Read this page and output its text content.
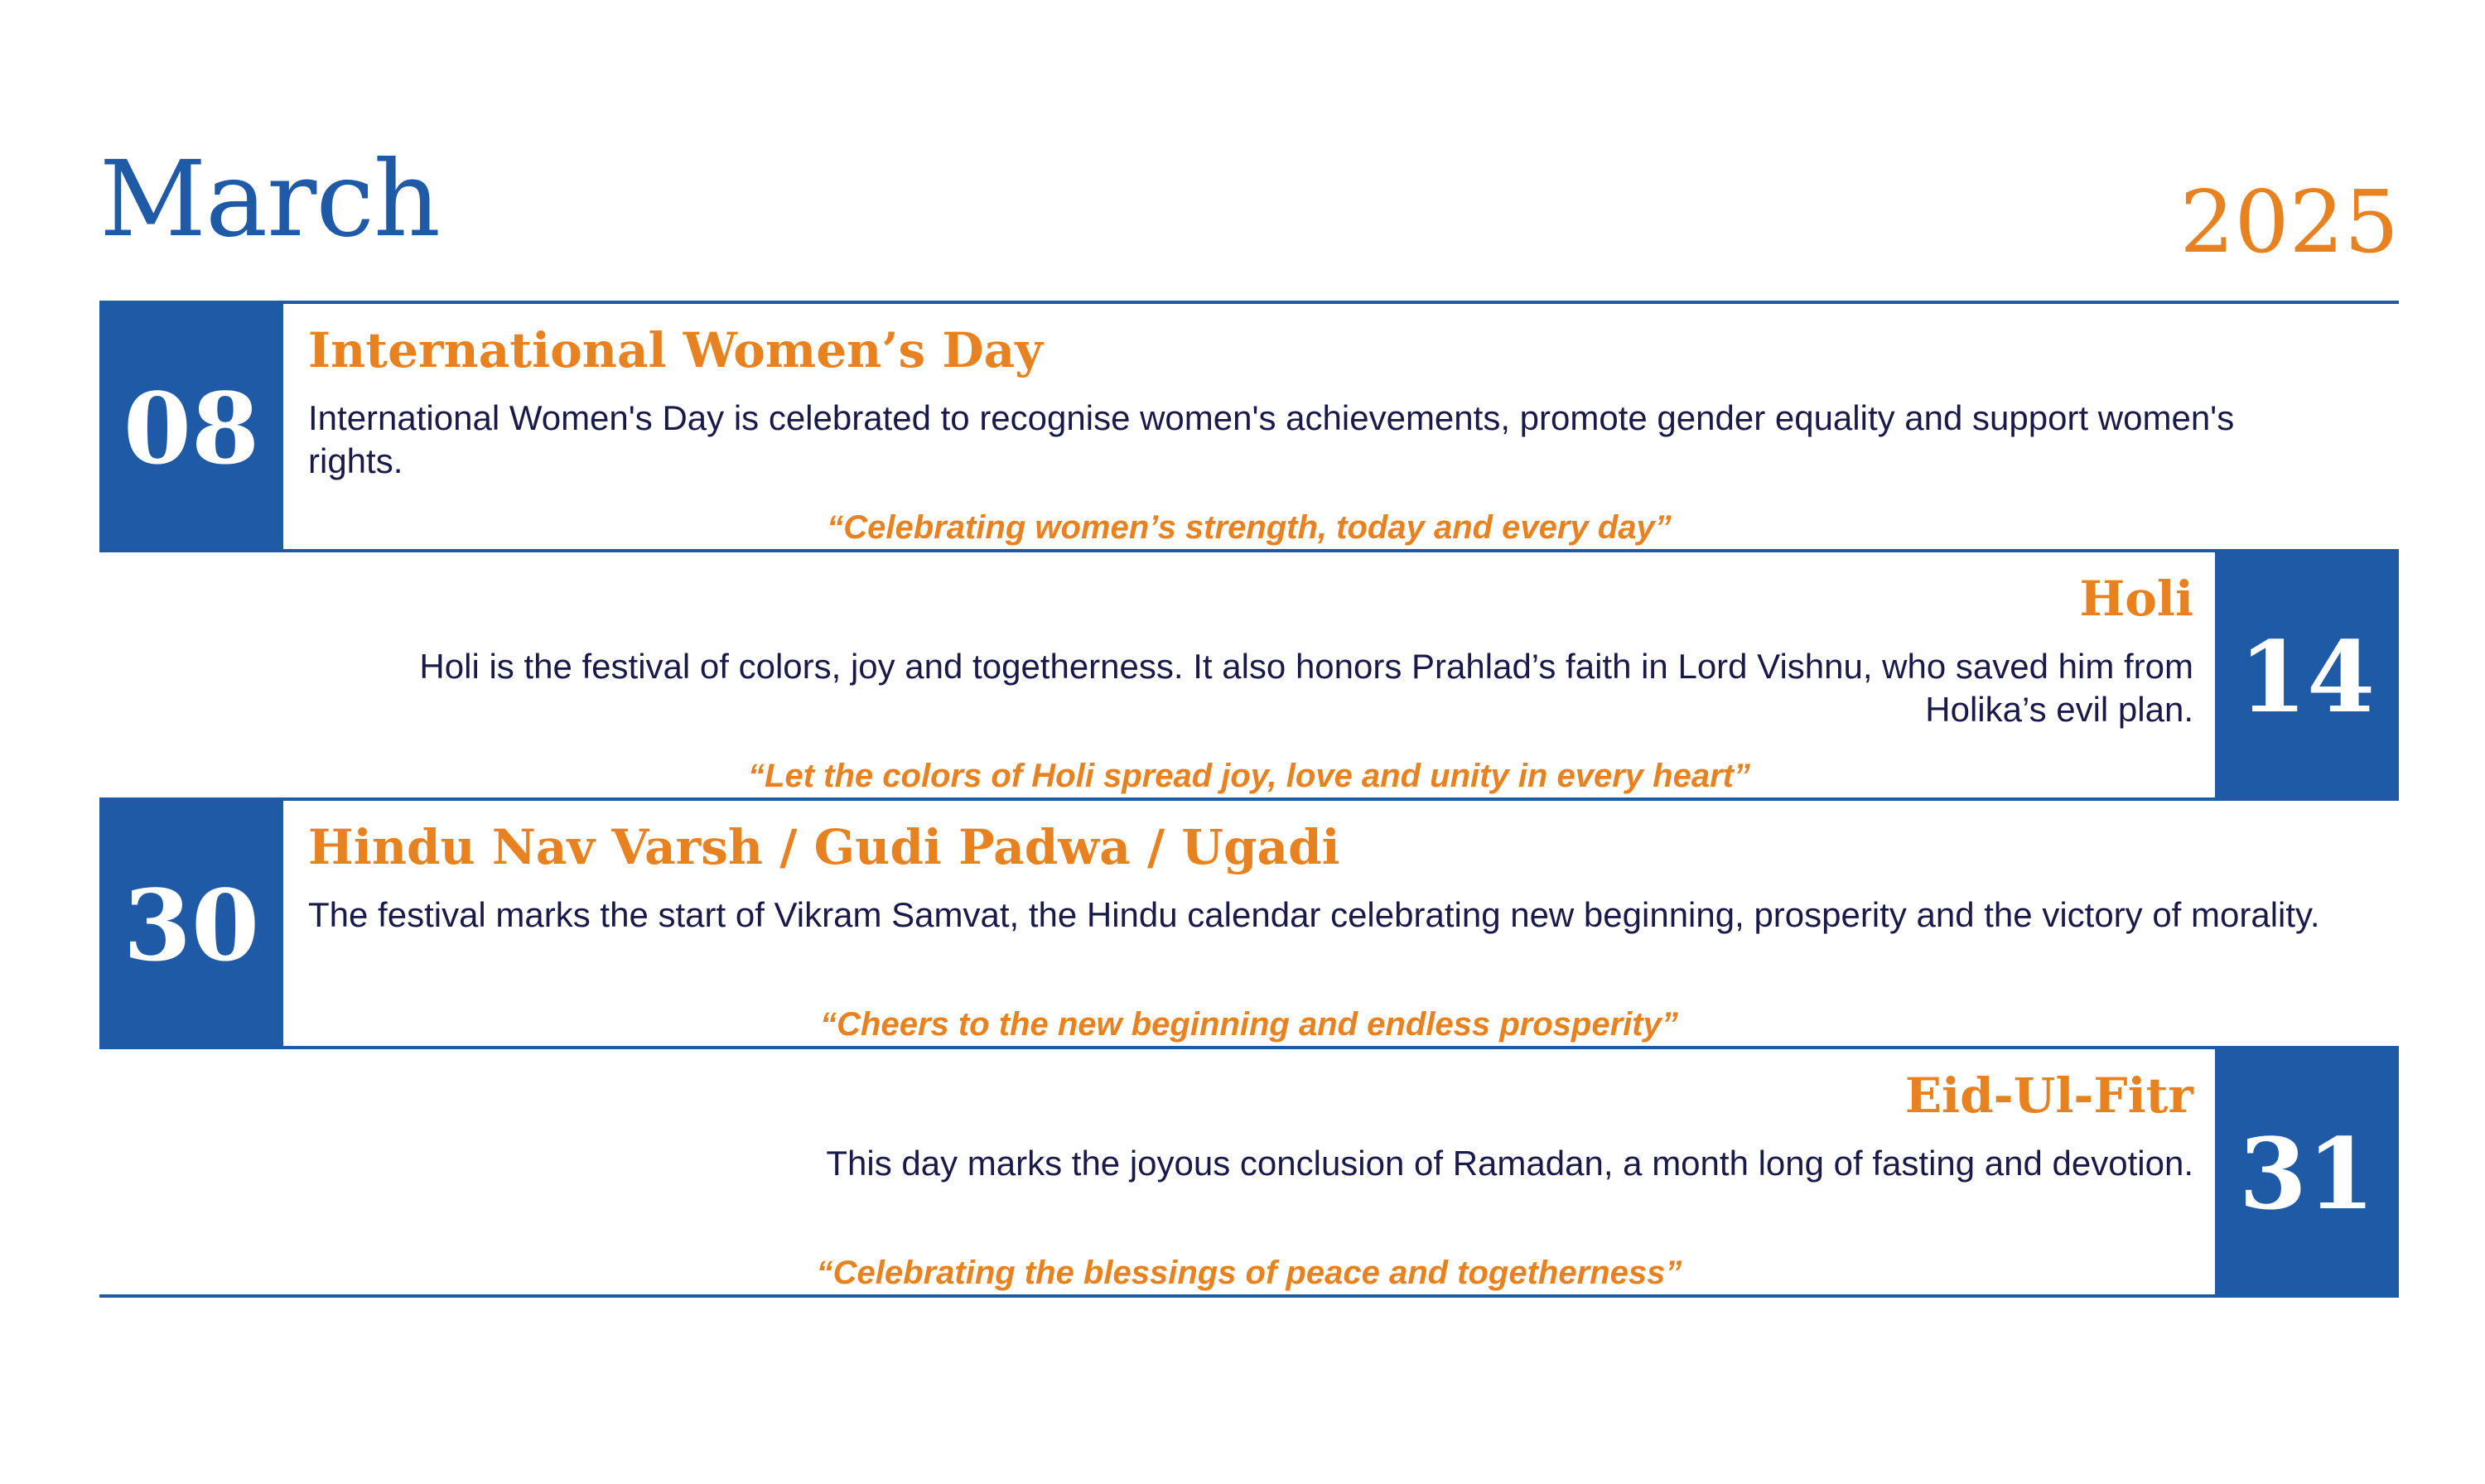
March	2025
08
International Women’s Day
International Women's Day is celebrated to recognise women's achievements, promote gender equality and support women's rights.
“Celebrating women’s strength, today and every day”
14
Holi
Holi is the festival of colors, joy and togetherness. It also honors Prahlad’s faith in Lord Vishnu, who saved him from Holika’s evil plan.
“Let the colors of Holi spread joy, love and unity in every heart”
30
Hindu Nav Varsh / Gudi Padwa / Ugadi
The festival marks the start of Vikram Samvat, the Hindu calendar celebrating new beginning, prosperity and the victory of morality.
“Cheers to the new beginning and endless prosperity”
31
Eid-Ul-Fitr
This day marks the joyous conclusion of Ramadan, a month long of fasting and devotion.
“Celebrating the blessings of peace and togetherness”
